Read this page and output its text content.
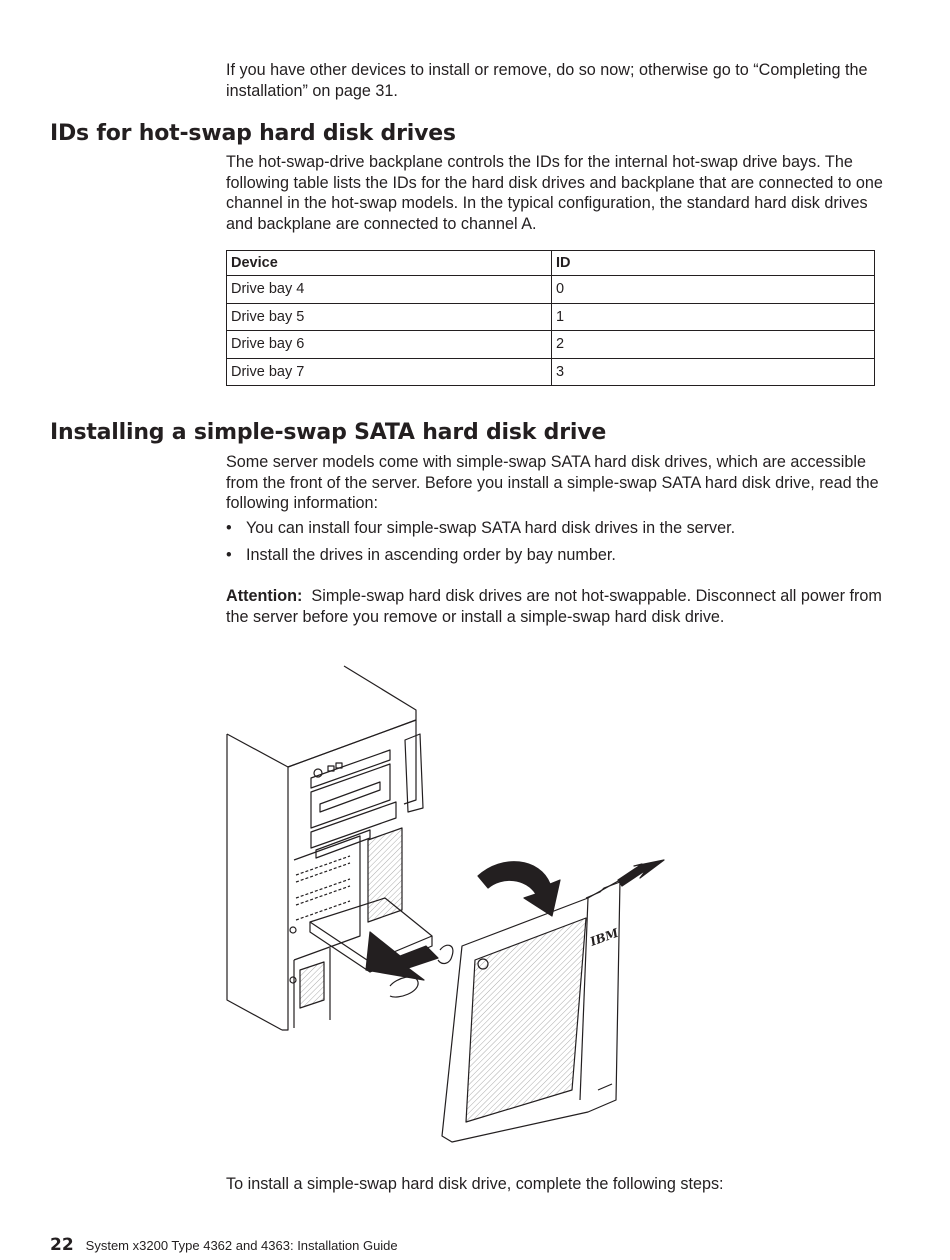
If you have other devices to install or remove, do so now; otherwise go to “Completing the installation” on page 31.
IDs for hot-swap hard disk drives

The hot-swap-drive backplane controls the IDs for the internal hot-swap drive bays. The following table lists the IDs for the hard disk drives and backplane that are connected to one channel in the hot-swap models. In the typical configuration, the standard hard disk drives and backplane are connected to channel A.

Device	ID
Drive bay 4	0
Drive bay 5	1
Drive bay 6	2
Drive bay 7	3
Installing a simple-swap SATA hard disk drive

Some server models come with simple-swap SATA hard disk drives, which are accessible from the front of the server. Before you install a simple-swap SATA hard disk drive, read the following information:

• You can install four simple-swap SATA hard disk drives in the server.
• Install the drives in ascending order by bay number.

Attention: Simple-swap hard disk drives are not hot-swappable. Disconnect all power from the server before you remove or install a simple-swap hard disk drive.

IBM

To install a simple-swap hard disk drive, complete the following steps:

22 System x3200 Type 4362 and 4363: Installation Guide
